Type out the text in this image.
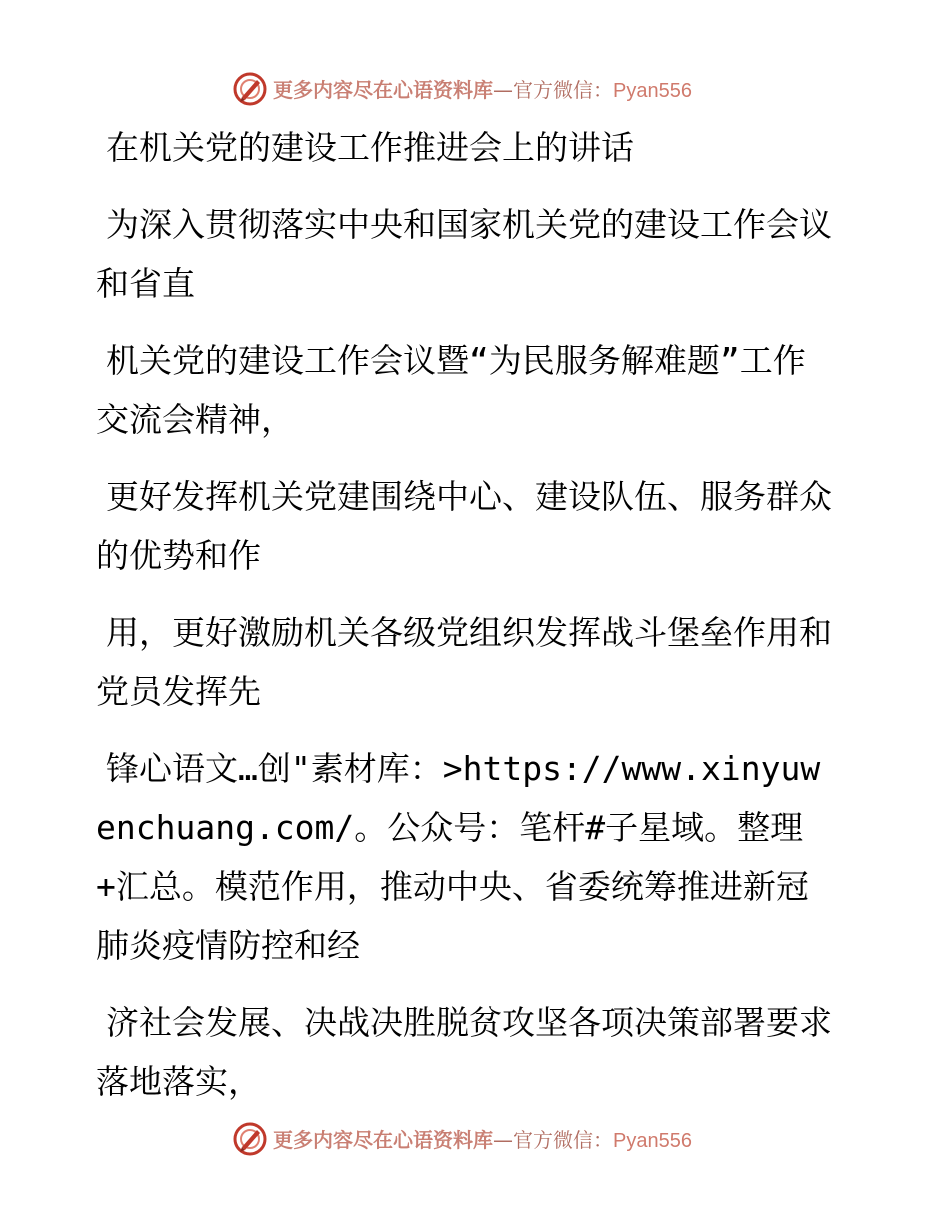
更多内容尽在心语资料库—官方微信：Pyan556

在机关党的建设工作推进会上的讲话

为深入贯彻落实中央和国家机关党的建设工作会议和省直

机关党的建设工作会议暨“为民服务解难题”工作交流会精神，

更好发挥机关党建围绕中心、建设队伍、服务群众的优势和作

用，更好激励机关各级党组织发挥战斗堡垒作用和党员发挥先

锋心语文…创"素材库：>https://www.xinyuwenchuang.com/。公众号：笔杆#子星域。整理+汇总。模范作用，推动中央、省委统筹推进新冠肺炎疫情防控和经

济社会发展、决战决胜脱贫攻坚各项决策部署要求落地落实，

更多内容尽在心语资料库—官方微信：Pyan556
